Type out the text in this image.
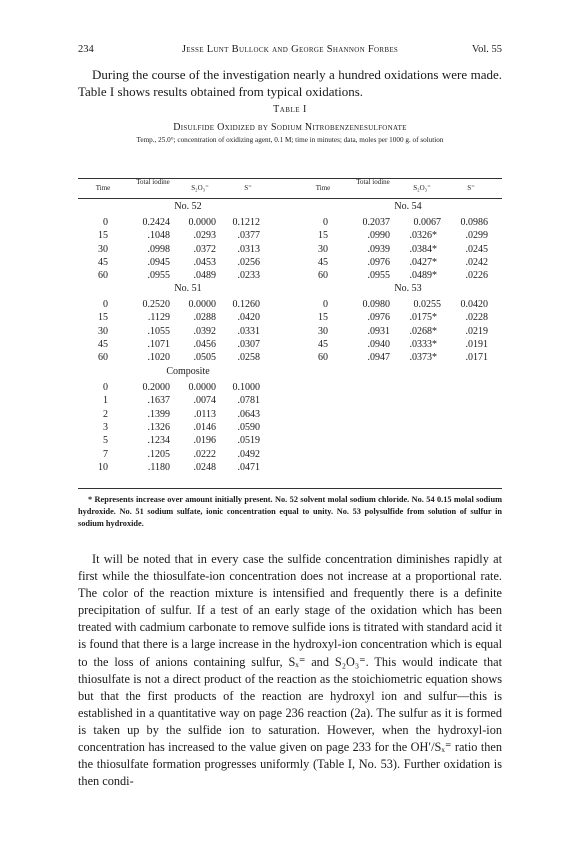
234	Jesse Lunt Bullock and George Shannon Forbes	Vol. 55
During the course of the investigation nearly a hundred oxidations were made. Table I shows results obtained from typical oxidations.
Table I
Disulfide Oxidized by Sodium Nitrobenzenesulfonate
Temp., 25.0°; concentration of oxidizing agent, 0.1 M; time in minutes; data, moles per 1000 g. of solution
Time
Total iodine
S₂O₃⁼	S⁼	Time
Total iodine
S₂O₃⁼	S⁼
No. 52
0	0.2424 0.0000 0.1212
15	.1048 .0293 .0377
30	.0998 .0372 .0313
45	.0945 .0453 .0256
60	.0955 .0489 .0233
No. 54
0	0.2037 0.0067 0.0986
15	.0990 .0326*	.0299
30	.0939 .0384*	.0245
45	.0976 .0427*	.0242
60	.0955 .0489*	.0226
No. 51
0	0.2520 0.0000 0.1260
15	.1129 .0288 .0420
30	.1055 .0392 .0331
45	.1071 .0456 .0307
60	.1020 .0505 .0258
No. 53
0	0.0980 0.0255 0.0420
15	.0976 .0175*	.0228
30	.0931 .0268*	.0219
45	.0940 .0333*	.0191
60	.0947 .0373*	.0171
Composite
0	0.2000 0.0000 0.1000
1	.1637 .0074 .0781
2	.1399 .0113 .0643
3	.1326 .0146 .0590
5	.1234 .0196 .0519
7	.1205 .0222 .0492
10	.1180 .0248 .0471
* Represents increase over amount initially present. No. 52 solvent molal sodium chloride. No. 54 0.15 molal sodium hydroxide. No. 51 sodium sulfate, ionic concentration equal to unity. No. 53 polysulfide from solution of sulfur in sodium hydroxide.

It will be noted that in every case the sulfide concentration diminishes rapidly at first while the thiosulfate-ion concentration does not increase at a proportional rate. The color of the reaction mixture is intensified and frequently there is a definite precipitation of sulfur. If a test of an early stage of the oxidation which has been treated with cadmium carbonate to remove sulfide ions is titrated with standard acid it is found that there is a large increase in the hydroxyl-ion concentration which is equal to the loss of anions containing sulfur, Sₓ⁼ and S₂O₃⁼. This would indicate that thiosulfate is not a direct product of the reaction as the stoichiometric equation shows but that the first products of the reaction are hydroxyl ion and sulfur—this is established in a quantitative way on page 236 reaction (2a). The sulfur as it is formed is taken up by the sulfide ion to saturation. However, when the hydroxyl-ion concentration has increased to the value given on page 233 for the OH′/Sₓ⁼ ratio then the thiosulfate formation progresses uniformly (Table I, No. 53). Further oxidation is then condi-
